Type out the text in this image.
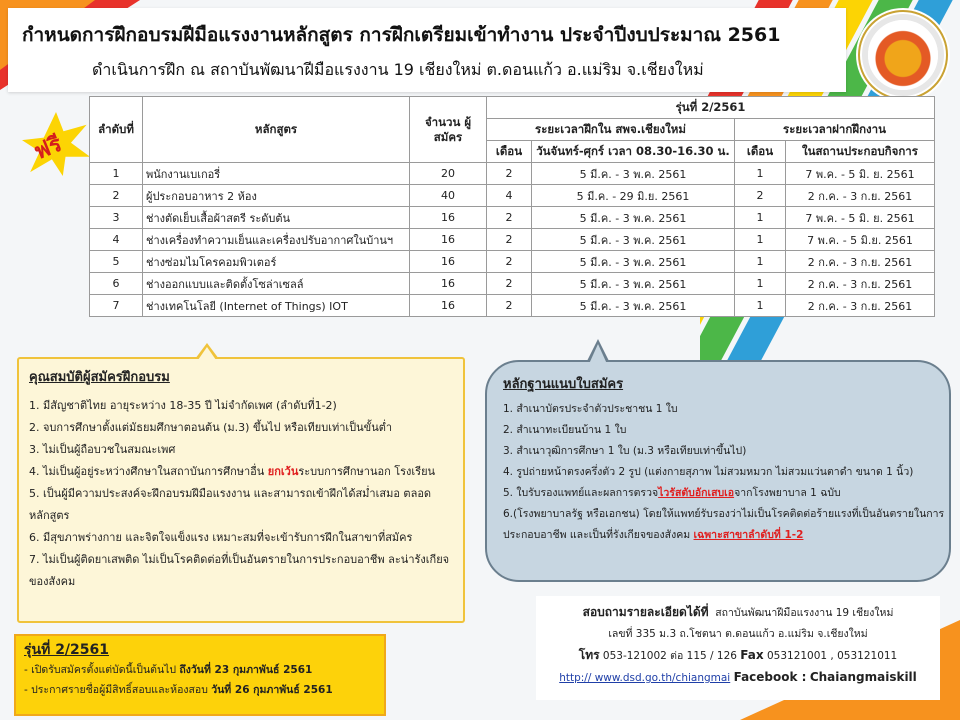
กำหนดการฝึกอบรมฝีมือแรงงานหลักสูตร การฝึกเตรียมเข้าทำงาน ประจำปีงบประมาณ 2561
ดำเนินการฝึก ณ สถาบันพัฒนาฝีมือแรงงาน 19 เชียงใหม่ ต.ดอนแก้ว อ.แม่ริม จ.เชียงใหม่
ฟรี
ลำดับที่	หลักสูตร	จำนวน ผู้สมัคร	รุ่นที่ 2/2561			
			ระยะเวลาฝึกใน สพจ.เชียงใหม่		ระยะเวลาฝากฝึกงาน	
			เดือน	วันจันทร์-ศุกร์ เวลา 08.30-16.30 น.	เดือน	ในสถานประกอบกิจการ
1	พนักงานเบเกอรี่	20	2	5 มี.ค. - 3 พ.ค. 2561	1	7 พ.ค. - 5 มิ. ย. 2561
2	ผู้ประกอบอาหาร 2 ห้อง	40	4	5 มี.ค. - 29 มิ.ย. 2561	2	2 ก.ค. - 3 ก.ย. 2561
3	ช่างตัดเย็บเสื้อผ้าสตรี ระดับต้น	16	2	5 มี.ค. - 3 พ.ค. 2561	1	7 พ.ค. - 5 มิ. ย. 2561
4	ช่างเครื่องทำความเย็นและเครื่องปรับอากาศในบ้านฯ	16	2	5 มี.ค. - 3 พ.ค. 2561	1	7 พ.ค. - 5 มิ.ย. 2561
5	ช่างซ่อมไมโครคอมพิวเตอร์	16	2	5 มี.ค. - 3 พ.ค. 2561	1	2 ก.ค. - 3 ก.ย. 2561
6	ช่างออกแบบและติดตั้งโซล่าเซลล์	16	2	5 มี.ค. - 3 พ.ค. 2561	1	2 ก.ค. - 3 ก.ย. 2561
7	ช่างเทคโนโลยี (Internet of Things) IOT	16	2	5 มี.ค. - 3 พ.ค. 2561	1	2 ก.ค. - 3 ก.ย. 2561
คุณสมบัติผู้สมัครฝึกอบรม
1. มีสัญชาติไทย อายุระหว่าง 18-35 ปี ไม่จำกัดเพศ (ลำดับที่1-2)
2. จบการศึกษาตั้งแต่มัธยมศึกษาตอนต้น (ม.3) ขึ้นไป หรือเทียบเท่าเป็นขั้นต่ำ
3. ไม่เป็นผู้ถือบวชในสมณะเพศ
4. ไม่เป็นผู้อยู่ระหว่างศึกษาในสถาบันการศึกษาอื่น ยกเว้นระบบการศึกษานอก โรงเรียน
5. เป็นผู้มีความประสงค์จะฝึกอบรมฝีมือแรงงาน และสามารถเข้าฝึกได้สม่ำเสมอ ตลอดหลักสูตร
6. มีสุขภาพร่างกาย และจิตใจแข็งแรง เหมาะสมที่จะเข้ารับการฝึกในสาขาที่สมัคร
7. ไม่เป็นผู้ติดยาเสพติด ไม่เป็นโรคติดต่อที่เป็นอันตรายในการประกอบอาชีพ ละน่ารังเกียจของสังคม
หลักฐานแนบใบสมัคร
1. สำเนาบัตรประจำตัวประชาชน 1 ใบ
2. สำเนาทะเบียนบ้าน 1 ใบ
3. สำเนาวุฒิการศึกษา 1 ใบ (ม.3 หรือเทียบเท่าขึ้นไป)
4. รูปถ่ายหน้าตรงครึ่งตัว 2 รูป (แต่งกายสุภาพ ไม่สวมหมวก ไม่สวมแว่นตาดำ ขนาด 1 นิ้ว)
5. ใบรับรองแพทย์และผลการตรวจไวรัสตับอักเสบเอจากโรงพยาบาล 1 ฉบับ
6.(โรงพยาบาลรัฐ หรือเอกชน) โดยให้แพทย์รับรองว่าไม่เป็นโรคติดต่อร้ายแรงที่เป็นอันตรายในการประกอบอาชีพ และเป็นที่รังเกียจของสังคม เฉพาะสาขาลำดับที่ 1-2
สอบถามรายละเอียดได้ที่ สถาบันพัฒนาฝีมือแรงงาน 19 เชียงใหม่
เลขที่ 335 ม.3 ถ.โชตนา ต.ดอนแก้ว อ.แม่ริม จ.เชียงใหม่
โทร 053-121002 ต่อ 115 / 126 Fax 053121001 , 053121011
http:// www.dsd.go.th/chiangmai Facebook : Chaiangmaiskill
รุ่นที่ 2/2561
- เปิดรับสมัครตั้งแต่บัดนี้เป็นต้นไป ถึงวันที่ 23 กุมภาพันธ์ 2561
- ประกาศรายชื่อผู้มีสิทธิ์สอบและห้องสอบ วันที่ 26 กุมภาพันธ์ 2561
